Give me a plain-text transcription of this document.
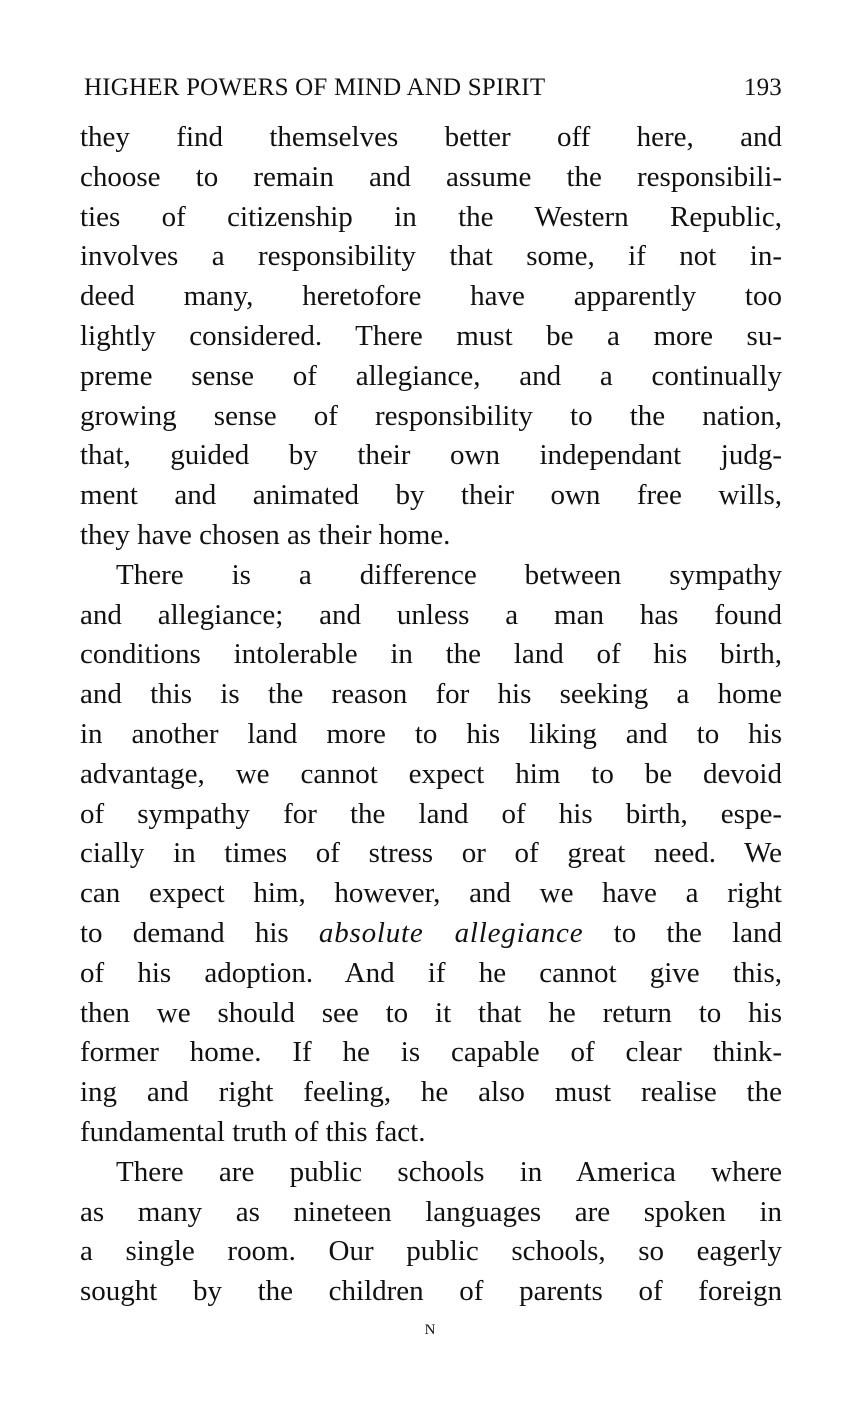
HIGHER POWERS OF MIND AND SPIRIT	193
they find themselves better off here, and
choose to remain and assume the responsibili-
ties of citizenship in the Western Republic,
involves a responsibility that some, if not in-
deed many, heretofore have apparently too
lightly considered. There must be a more su-
preme sense of allegiance, and a continually
growing sense of responsibility to the nation,
that, guided by their own independant judg-
ment and animated by their own free wills,
they have chosen as their home.
There is a difference between sympathy
and allegiance; and unless a man has found
conditions intolerable in the land of his birth,
and this is the reason for his seeking a home
in another land more to his liking and to his
advantage, we cannot expect him to be devoid
of sympathy for the land of his birth, espe-
cially in times of stress or of great need. We
can expect him, however, and we have a right
to demand his absolute allegiance to the land
of his adoption. And if he cannot give this,
then we should see to it that he return to his
former home. If he is capable of clear think-
ing and right feeling, he also must realise the
fundamental truth of this fact.
There are public schools in America where
as many as nineteen languages are spoken in
a single room. Our public schools, so eagerly
sought by the children of parents of foreign
N
